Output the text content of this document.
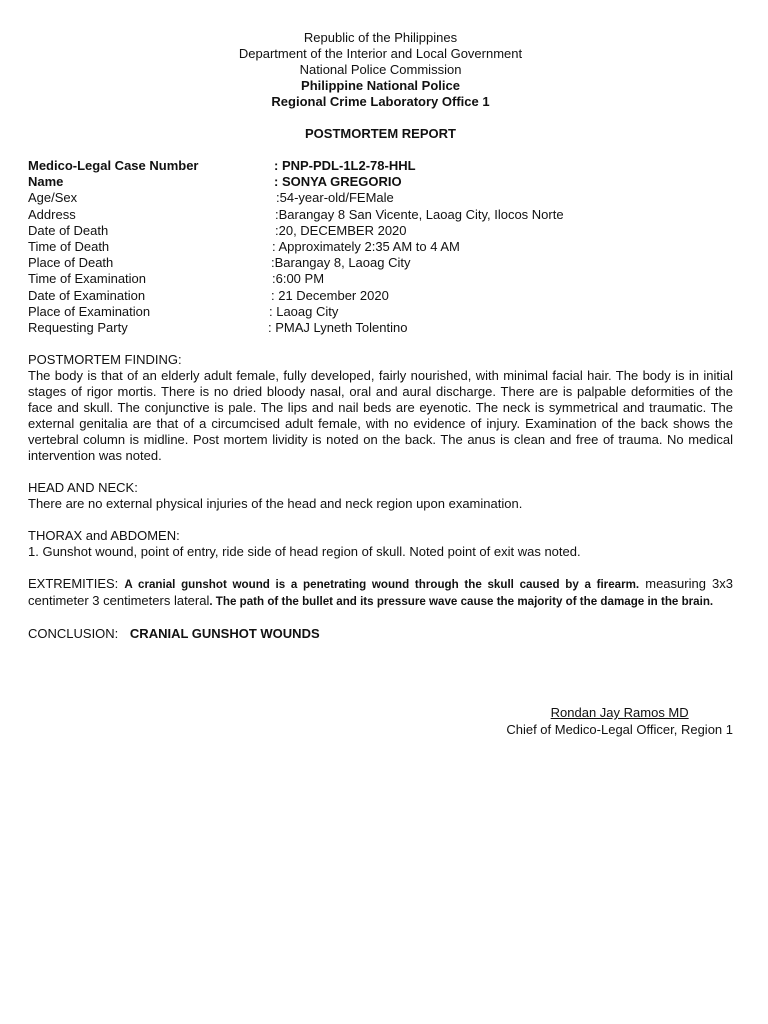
Republic of the Philippines
Department of the Interior and Local Government
National Police Commission
Philippine National Police
Regional Crime Laboratory Office 1
POSTMORTEM REPORT
Medico-Legal Case Number	: PNP-PDL-1L2-78-HHL
Name	: SONYA GREGORIO
Age/Sex	:54-year-old/FEMale
Address	:Barangay 8 San Vicente, Laoag City, Ilocos Norte
Date of Death	:20, DECEMBER 2020
Time of Death	: Approximately 2:35 AM to 4 AM
Place of Death	:Barangay 8, Laoag City
Time of Examination	:6:00 PM
Date of Examination	: 21 December 2020
Place of Examination	: Laoag City
Requesting Party	: PMAJ Lyneth Tolentino
POSTMORTEM FINDING:
The body is that of an elderly adult female, fully developed, fairly nourished, with minimal facial hair. The body is in initial stages of rigor mortis. There is no dried bloody nasal, oral and aural discharge. There are is palpable deformities of the face and skull. The conjunctive is pale. The lips and nail beds are eyenotic. The neck is symmetrical and traumatic. The external genitalia are that of a circumcised adult female, with no evidence of injury. Examination of the back shows the vertebral column is midline. Post mortem lividity is noted on the back. The anus is clean and free of trauma. No medical intervention was noted.
HEAD AND NECK:
There are no external physical injuries of the head and neck region upon examination.
THORAX and ABDOMEN:
1. Gunshot wound, point of entry, ride side of head region of skull. Noted point of exit was noted.
EXTREMITIES: A cranial gunshot wound is a penetrating wound through the skull caused by a firearm. measuring 3x3 centimeter 3 centimeters lateral. The path of the bullet and its pressure wave cause the majority of the damage in the brain.
CONCLUSION: CRANIAL GUNSHOT WOUNDS
Rondan Jay Ramos MD
Chief of Medico-Legal Officer, Region 1
